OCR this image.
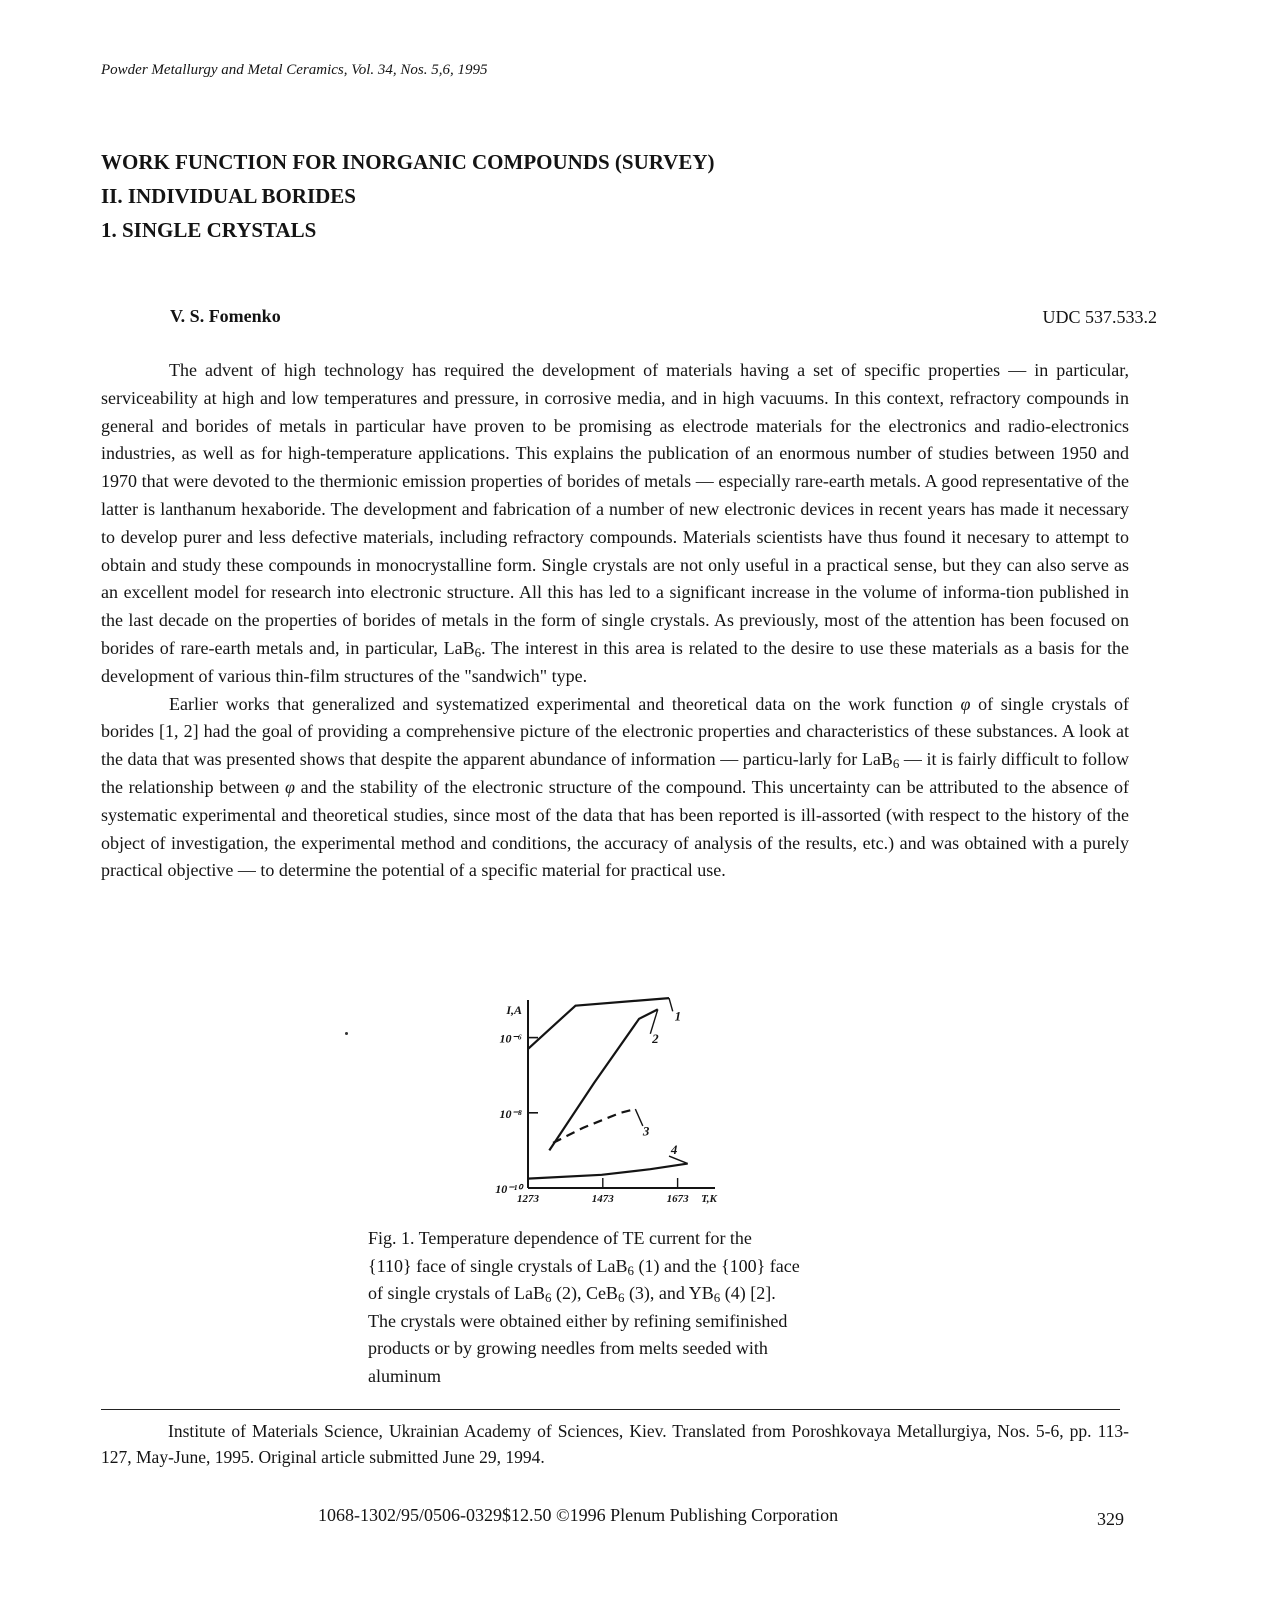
Powder Metallurgy and Metal Ceramics, Vol. 34, Nos. 5,6, 1995
WORK FUNCTION FOR INORGANIC COMPOUNDS (SURVEY)
II. INDIVIDUAL BORIDES
1. SINGLE CRYSTALS
V. S. Fomenko	UDC 537.533.2

The advent of high technology has required the development of materials having a set of specific properties — in particular, serviceability at high and low temperatures and pressure, in corrosive media, and in high vacuums. In this context, refractory compounds in general and borides of metals in particular have proven to be promising as electrode materials for the electronics and radio-electronics industries, as well as for high-temperature applications. This explains the publication of an enormous number of studies between 1950 and 1970 that were devoted to the thermionic emission properties of borides of metals — especially rare-earth metals. A good representative of the latter is lanthanum hexaboride. The development and fabrication of a number of new electronic devices in recent years has made it necessary to develop purer and less defective materials, including refractory compounds. Materials scientists have thus found it necesary to attempt to obtain and study these compounds in monocrystalline form. Single crystals are not only useful in a practical sense, but they can also serve as an excellent model for research into electronic structure. All this has led to a significant increase in the volume of informa-tion published in the last decade on the properties of borides of metals in the form of single crystals. As previously, most of the attention has been focused on borides of rare-earth metals and, in particular, LaB$_6$. The interest in this area is related to the desire to use these materials as a basis for the development of various thin-film structures of the "sandwich" type.

Earlier works that generalized and systematized experimental and theoretical data on the work function φ of single crystals of borides [1, 2] had the goal of providing a comprehensive picture of the electronic properties and characteristics of these substances. A look at the data that was presented shows that despite the apparent abundance of information — particu-larly for LaB$_6$ — it is fairly difficult to follow the relationship between φ and the stability of the electronic structure of the compound. This uncertainty can be attributed to the absence of systematic experimental and theoretical studies, since most of the data that has been reported is ill-assorted (with respect to the history of the object of investigation, the experimental method and conditions, the accuracy of analysis of the results, etc.) and was obtained with a purely practical objective — to determine the potential of a specific material for practical use.

10⁻⁶
10⁻⁸
10⁻¹⁰
I,A
1273	1473	1673 T,K
1
2
3
4
Fig. 1. Temperature dependence of TE current for the
{110} face of single crystals of LaB$_6$ (1) and the {100} face
of single crystals of LaB$_6$ (2), CeB$_6$ (3), and $YB_6$ (4) [2].
The crystals were obtained either by refining semifinished
products or by growing needles from melts seeded with
aluminum

Institute of Materials Science, Ukrainian Academy of Sciences, Kiev. Translated from Poroshkovaya Metallurgiya, Nos. 5-6, pp. 113-127, May-June, 1995. Original article submitted June 29, 1994.

1068-1302/95/0506-0329$12.50 ©1996 Plenum Publishing Corporation	329
